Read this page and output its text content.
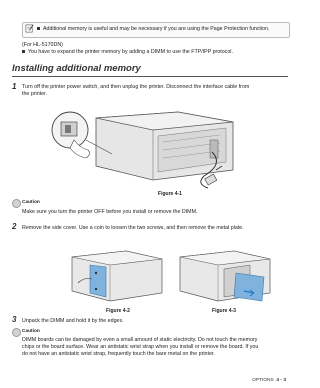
Additional memory is useful and may be necessary if you are using the Page Protection function.
(For HL-5170DN)
You have to expand the printer memory by adding a DIMM to use the FTP/IPP protocol.
Installing additional memory
1 Turn off the printer power switch, and then unplug the printer. Disconnect the interface cable from
the printer.
Figure 4-1
Caution
Make sure you turn the printer OFF before you install or remove the DIMM.
2 Remove the side cover. Use a coin to loosen the two screws, and then remove the metal plate.
Figure 4-2	Figure 4-3
3 Unpack the DIMM and hold it by the edges.
Caution
DIMM boards can be damaged by even a small amount of static electricity. Do not touch the memory
chips or the board surface. Wear an antistatic wrist strap when you install or remove the board. If you
do not have an antistatic wrist strap, frequently touch the bare metal on the printer.
OPTIONS 4 - 3
